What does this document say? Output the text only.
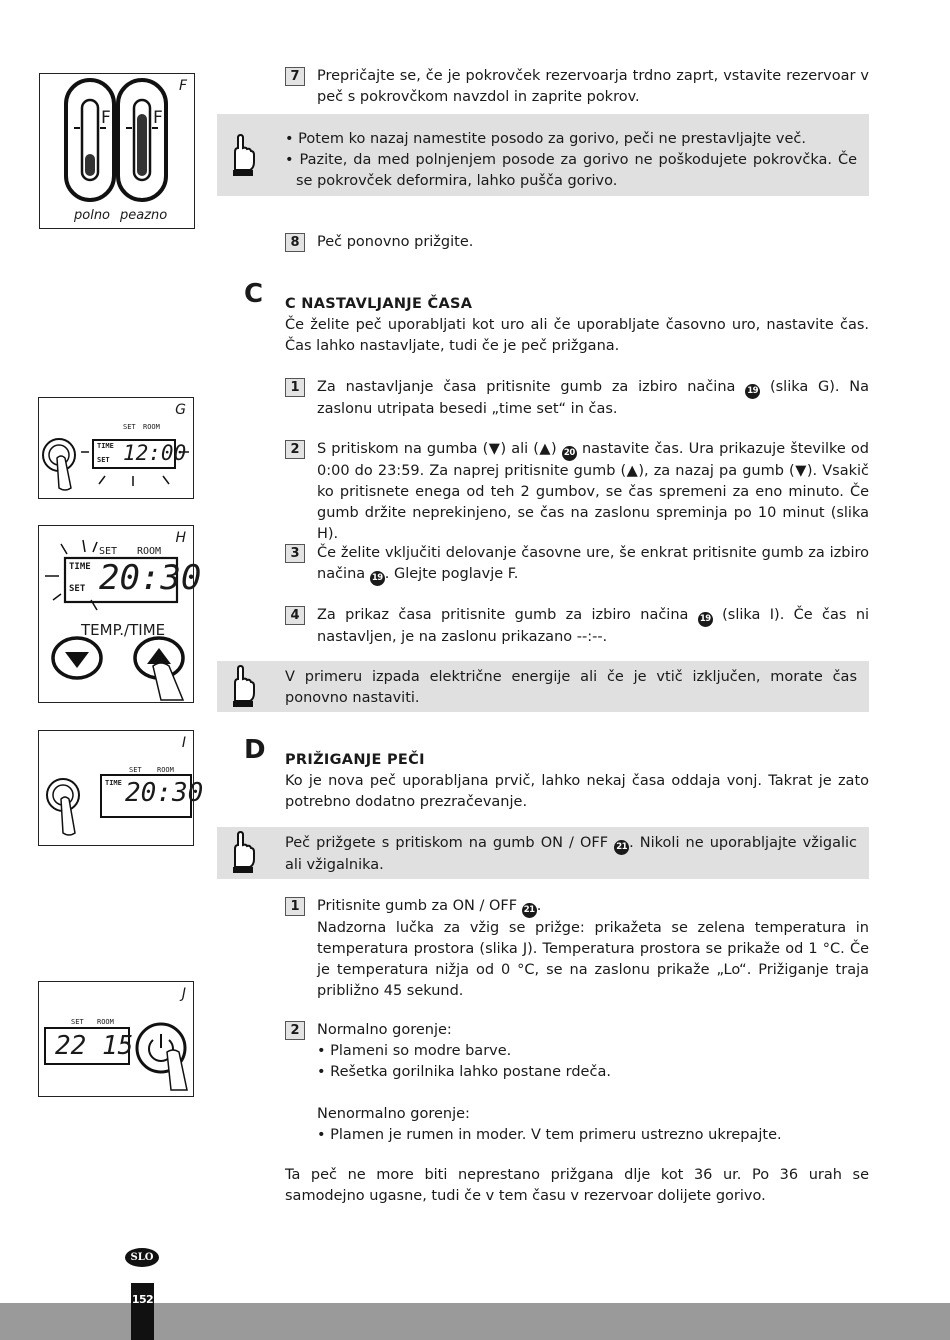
F
F F
polno peazno
G
SET ROOM
TIME
SET 12:00
H
SET ROOM
TIME
SET 20:30
TEMP./TIME
I
SET ROOM
TIME 20:30
J
SET ROOM
22 15
7	Prepričajte se, če je pokrovček rezervoarja trdno zaprt, vstavite rezervoar v peč s pokrovčkom navzdol in zaprite pokrov.
• Potem ko nazaj namestite posodo za gorivo, peči ne prestavljajte več.
• Pazite, da med polnjenjem posode za gorivo ne poškodujete pokrovčka. Če se pokrovček deformira, lahko pušča gorivo.
8	Peč ponovno prižgite.
C C NASTAVLJANJE ČASA
Če želite peč uporabljati kot uro ali če uporabljate časovno uro, nastavite čas. Čas lahko nastavljate, tudi če je peč prižgana.
1	Za nastavljanje časa pritisnite gumb za izbiro načina 19 (slika G). Na zaslonu utripata besedi „time set“ in čas.
2	S pritiskom na gumba (▼) ali (▲) 20 nastavite čas. Ura prikazuje številke od 0:00 do 23:59. Za naprej pritisnite gumb (▲), za nazaj pa gumb (▼). Vsakič ko pritisnete enega od teh 2 gumbov, se čas spremeni za eno minuto. Če gumb držite neprekinjeno, se čas na zaslonu spreminja po 10 minut (slika H).
3	Če želite vključiti delovanje časovne ure, še enkrat pritisnite gumb za izbiro načina 19 . Glejte poglavje F.
4	Za prikaz časa pritisnite gumb za izbiro načina 19 (slika I). Če čas ni nastavljen, je na zaslonu prikazano --:--.
V primeru izpada električne energije ali če je vtič izključen, morate čas ponovno nastaviti.
D PRIŽIGANJE PEČI
Ko je nova peč uporabljana prvič, lahko nekaj časa oddaja vonj. Takrat je zato potrebno dodatno prezračevanje.
Peč prižgete s pritiskom na gumb ON / OFF 21 . Nikoli ne uporabljajte vžigalic ali vžigalnika.
1	Pritisnite gumb za ON / OFF 21 .
Nadzorna lučka za vžig se prižge: prikažeta se zelena temperatura in temperatura prostora (slika J). Temperatura prostora se prikaže od 1 °C. Če je temperatura nižja od 0 °C, se na zaslonu prikaže „Lo“. Prižiganje traja približno 45 sekund.
2	Normalno gorenje:
• Plameni so modre barve.
• Rešetka gorilnika lahko postane rdeča.
Nenormalno gorenje:
• Plamen je rumen in moder. V tem primeru ustrezno ukrepajte.
Ta peč ne more biti neprestano prižgana dlje kot 36 ur. Po 36 urah se samodejno ugasne, tudi če v tem času v rezervoar dolijete gorivo.
152
SLO
